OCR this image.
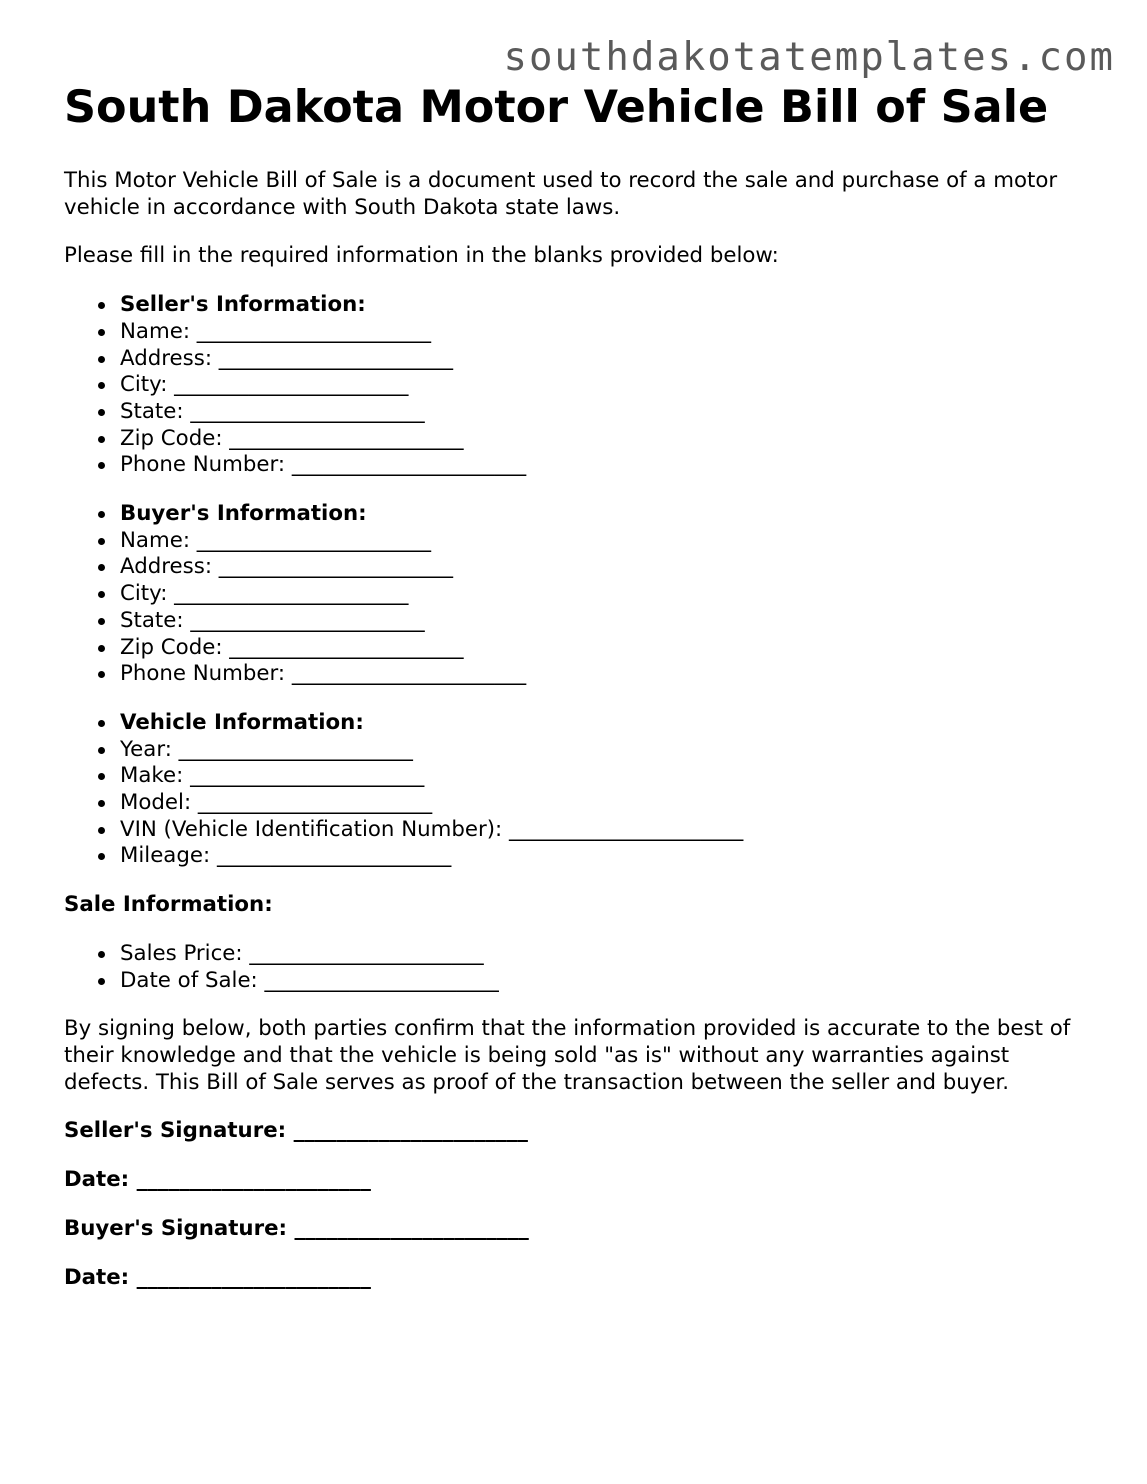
southdakotatemplates.com
South Dakota Motor Vehicle Bill of Sale

This Motor Vehicle Bill of Sale is a document used to record the sale and purchase of a motor vehicle in accordance with South Dakota state laws.

Please fill in the required information in the blanks provided below:

Seller's Information:
Name: ______________________
Address: ______________________
City: ______________________
State: ______________________
Zip Code: ______________________
Phone Number: ______________________
Buyer's Information:
Name: ______________________
Address: ______________________
City: ______________________
State: ______________________
Zip Code: ______________________
Phone Number: ______________________
Vehicle Information:
Year: ______________________
Make: ______________________
Model: ______________________
VIN (Vehicle Identification Number): ______________________
Mileage: ______________________

Sale Information:

Sales Price: ______________________
Date of Sale: ______________________

By signing below, both parties confirm that the information provided is accurate to the best of their knowledge and that the vehicle is being sold "as is" without any warranties against defects. This Bill of Sale serves as proof of the transaction between the seller and buyer.

Seller's Signature: ______________________
Date: ______________________
Buyer's Signature: ______________________
Date: ______________________
